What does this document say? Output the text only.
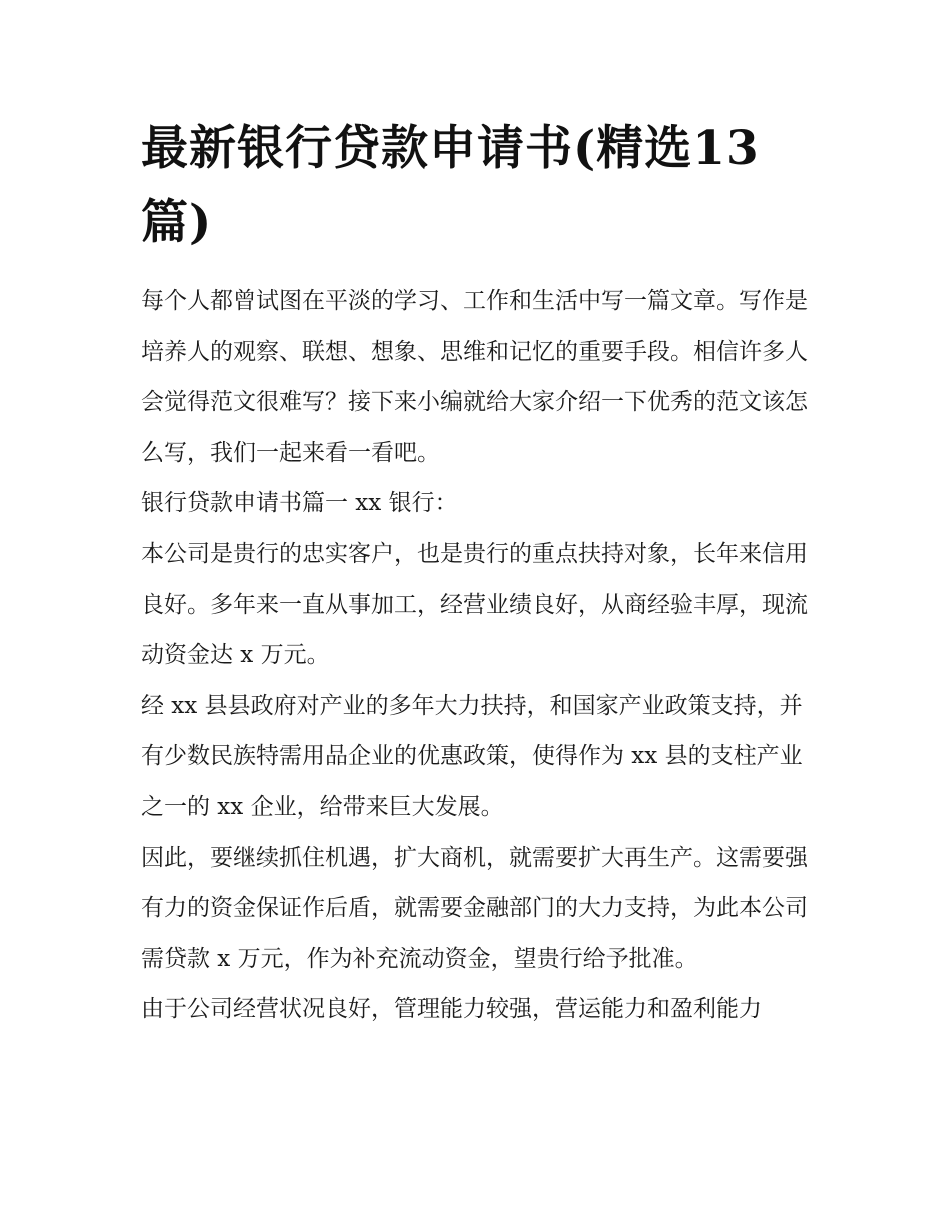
最新银行贷款申请书(精选13篇)

每个人都曾试图在平淡的学习、工作和生活中写一篇文章。写作是培养人的观察、联想、想象、思维和记忆的重要手段。相信许多人会觉得范文很难写？接下来小编就给大家介绍一下优秀的范文该怎么写，我们一起来看一看吧。

银行贷款申请书篇一 xx 银行：

本公司是贵行的忠实客户，也是贵行的重点扶持对象，长年来信用良好。多年来一直从事加工，经营业绩良好，从商经验丰厚，现流动资金达 x 万元。

经 xx 县县政府对产业的多年大力扶持，和国家产业政策支持，并有少数民族特需用品企业的优惠政策，使得作为 xx 县的支柱产业之一的 xx 企业，给带来巨大发展。

因此，要继续抓住机遇，扩大商机，就需要扩大再生产。这需要强有力的资金保证作后盾，就需要金融部门的大力支持，为此本公司需贷款 x 万元，作为补充流动资金，望贵行给予批准。

由于公司经营状况良好，管理能力较强，营运能力和盈利能力
